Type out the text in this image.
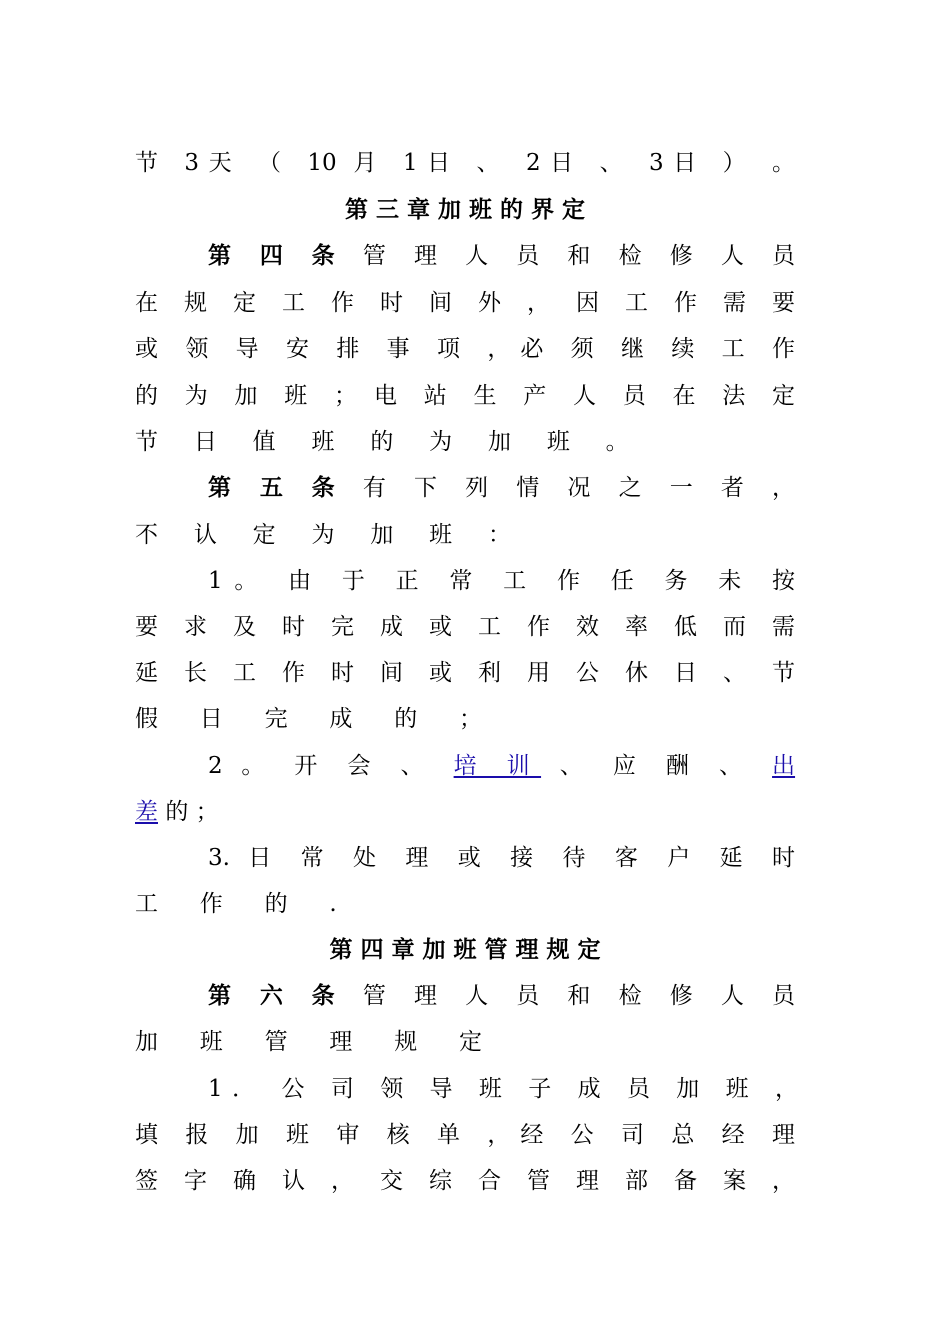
节 3天 （ 10 月 1日 、 2日 、 3日 ） 。
第 三 章 加 班 的 界 定
第 四 条 管 理 人 员 和 检 修 人 员
在 规 定 工 作 时 间 外 ， 因 工 作 需 要
或 领 导 安 排 事 项 ，必 须 继 续 工 作
的 为 加 班 ； 电 站 生 产 人 员 在 法 定
节 日 值 班 的 为 加 班 。
第 五 条 有 下 列 情 况 之 一 者 ，
不 认 定 为 加 班 ：
1。 由 于 正 常 工 作 任 务 未 按
要 求 及 时 完 成 或 工 作 效 率 低 而 需
延 长 工 作 时 间 或 利 用 公 休 日 、 节
假 日 完 成 的 ；
2 。 开 会 、 培 训 、 应 酬 、 出
差 的 ；
3. 日 常 处 理 或 接 待 客 户 延 时
工 作 的 .
第 四 章 加 班 管 理 规 定
第 六 条 管 理 人 员 和 检 修 人 员
加 班 管 理 规 定
1． 公 司 领 导 班 子 成 员 加 班 ，
填 报 加 班 审 核 单 ，经 公 司 总 经 理
签 字 确 认 ， 交 综 合 管 理 部 备 案 ，
